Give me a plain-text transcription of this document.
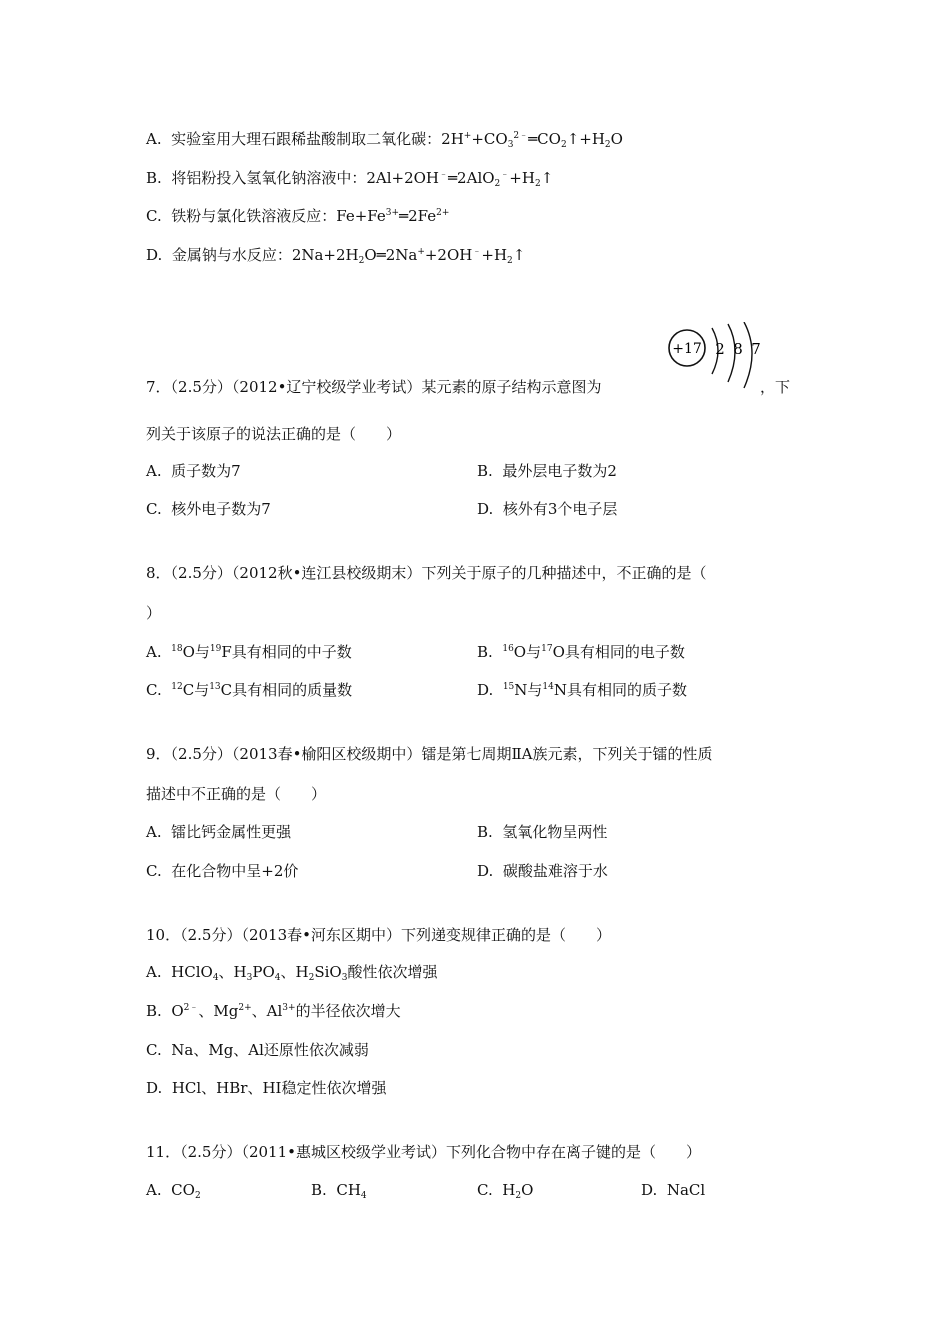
A. 实验室用大理石跟稀盐酸制取二氧化碳：$2H^++CO_3^{2﹣}═CO_2↑+H_2O$
B. 将铝粉投入氢氧化钠溶液中：$2Al+2OH^﹣═2AlO_2^﹣+H_2↑$
C. 铁粉与氯化铁溶液反应：$Fe+Fe^{3+}═2Fe^{2+}$
D. 金属钠与水反应：$2Na+2H_2O═2Na^++2OH^﹣+H_2↑$
+17 2 8 7
7．（2.5分）（2012•辽宁校级学业考试）某元素的原子结构示意图为	，下
列关于该原子的说法正确的是（　　）
A. 质子数为7	B. 最外层电子数为2
C. 核外电子数为7	D. 核外有3个电子层
8．（2.5分）（2012秋•连江县校级期末）下列关于原子的几种描述中，不正确的是（
）
A. $^{18}$O与$^{19}$F具有相同的中子数	B. $^{16}$O与$^{17}$O具有相同的电子数
C. $^{12}$C与$^{13}$C具有相同的质量数	D. $^{15}$N与$^{14}$N具有相同的质子数
9．（2.5分）（2013春•榆阳区校级期中）镭是第七周期ⅡA族元素，下列关于镭的性质
描述中不正确的是（　　）
A. 镭比钙金属性更强	B. 氢氧化物呈两性
C. 在化合物中呈+2价	D. 碳酸盐难溶于水
10．（2.5分）（2013春•河东区期中）下列递变规律正确的是（　　）
A. HClO$_4$、$H_3PO_4$、$H_2SiO_3$酸性依次增强
B. $O^{2﹣}$、$Mg^{2+}$、$Al^{3+}$的半径依次增大
C. Na、Mg、Al还原性依次减弱
D. HCl、HBr、HI稳定性依次增强
11．（2.5分）（2011•惠城区校级学业考试）下列化合物中存在离子键的是（　　）
A. $CO_2$	B. $CH_4$	C. $H_2O$	D. NaCl
